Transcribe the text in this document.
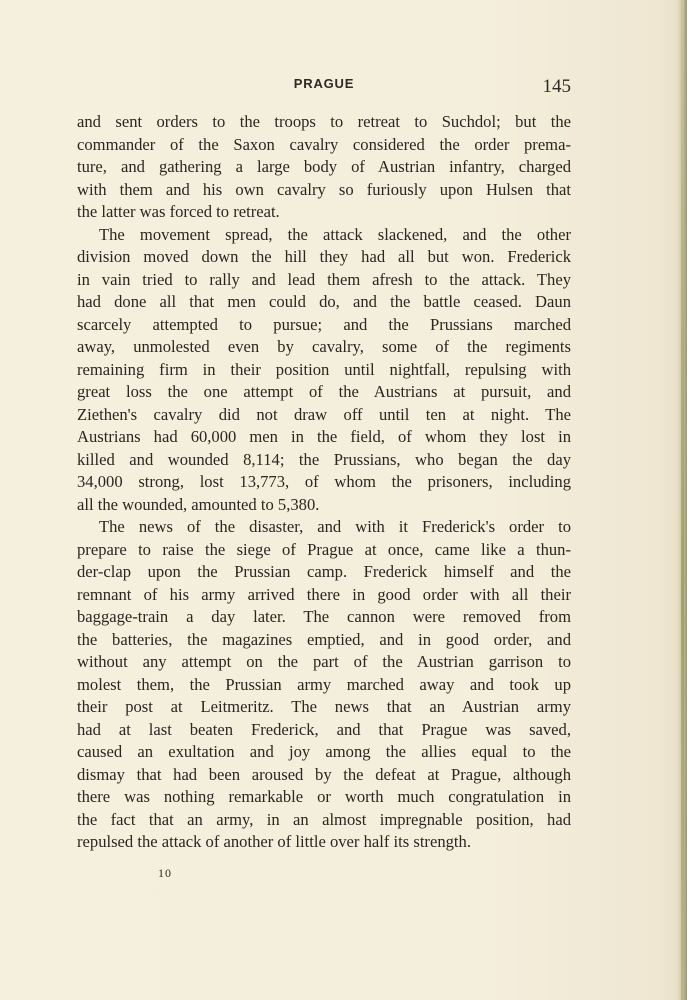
PRAGUE	145
and sent orders to the troops to retreat to Suchdol; but the
commander of the Saxon cavalry considered the order prema-
ture, and gathering a large body of Austrian infantry, charged
with them and his own cavalry so furiously upon Hulsen that
the latter was forced to retreat.
The movement spread, the attack slackened, and the other
division moved down the hill they had all but won. Frederick
in vain tried to rally and lead them afresh to the attack. They
had done all that men could do, and the battle ceased. Daun
scarcely attempted to pursue; and the Prussians marched
away, unmolested even by cavalry, some of the regiments
remaining firm in their position until nightfall, repulsing with
great loss the one attempt of the Austrians at pursuit, and
Ziethen's cavalry did not draw off until ten at night. The
Austrians had 60,000 men in the field, of whom they lost in
killed and wounded 8,114; the Prussians, who began the day
34,000 strong, lost 13,773, of whom the prisoners, including
all the wounded, amounted to 5,380.
The news of the disaster, and with it Frederick's order to
prepare to raise the siege of Prague at once, came like a thun-
der-clap upon the Prussian camp. Frederick himself and the
remnant of his army arrived there in good order with all their
baggage-train a day later. The cannon were removed from
the batteries, the magazines emptied, and in good order, and
without any attempt on the part of the Austrian garrison to
molest them, the Prussian army marched away and took up
their post at Leitmeritz. The news that an Austrian army
had at last beaten Frederick, and that Prague was saved,
caused an exultation and joy among the allies equal to the
dismay that had been aroused by the defeat at Prague, although
there was nothing remarkable or worth much congratulation in
the fact that an army, in an almost impregnable position, had
repulsed the attack of another of little over half its strength.
10
